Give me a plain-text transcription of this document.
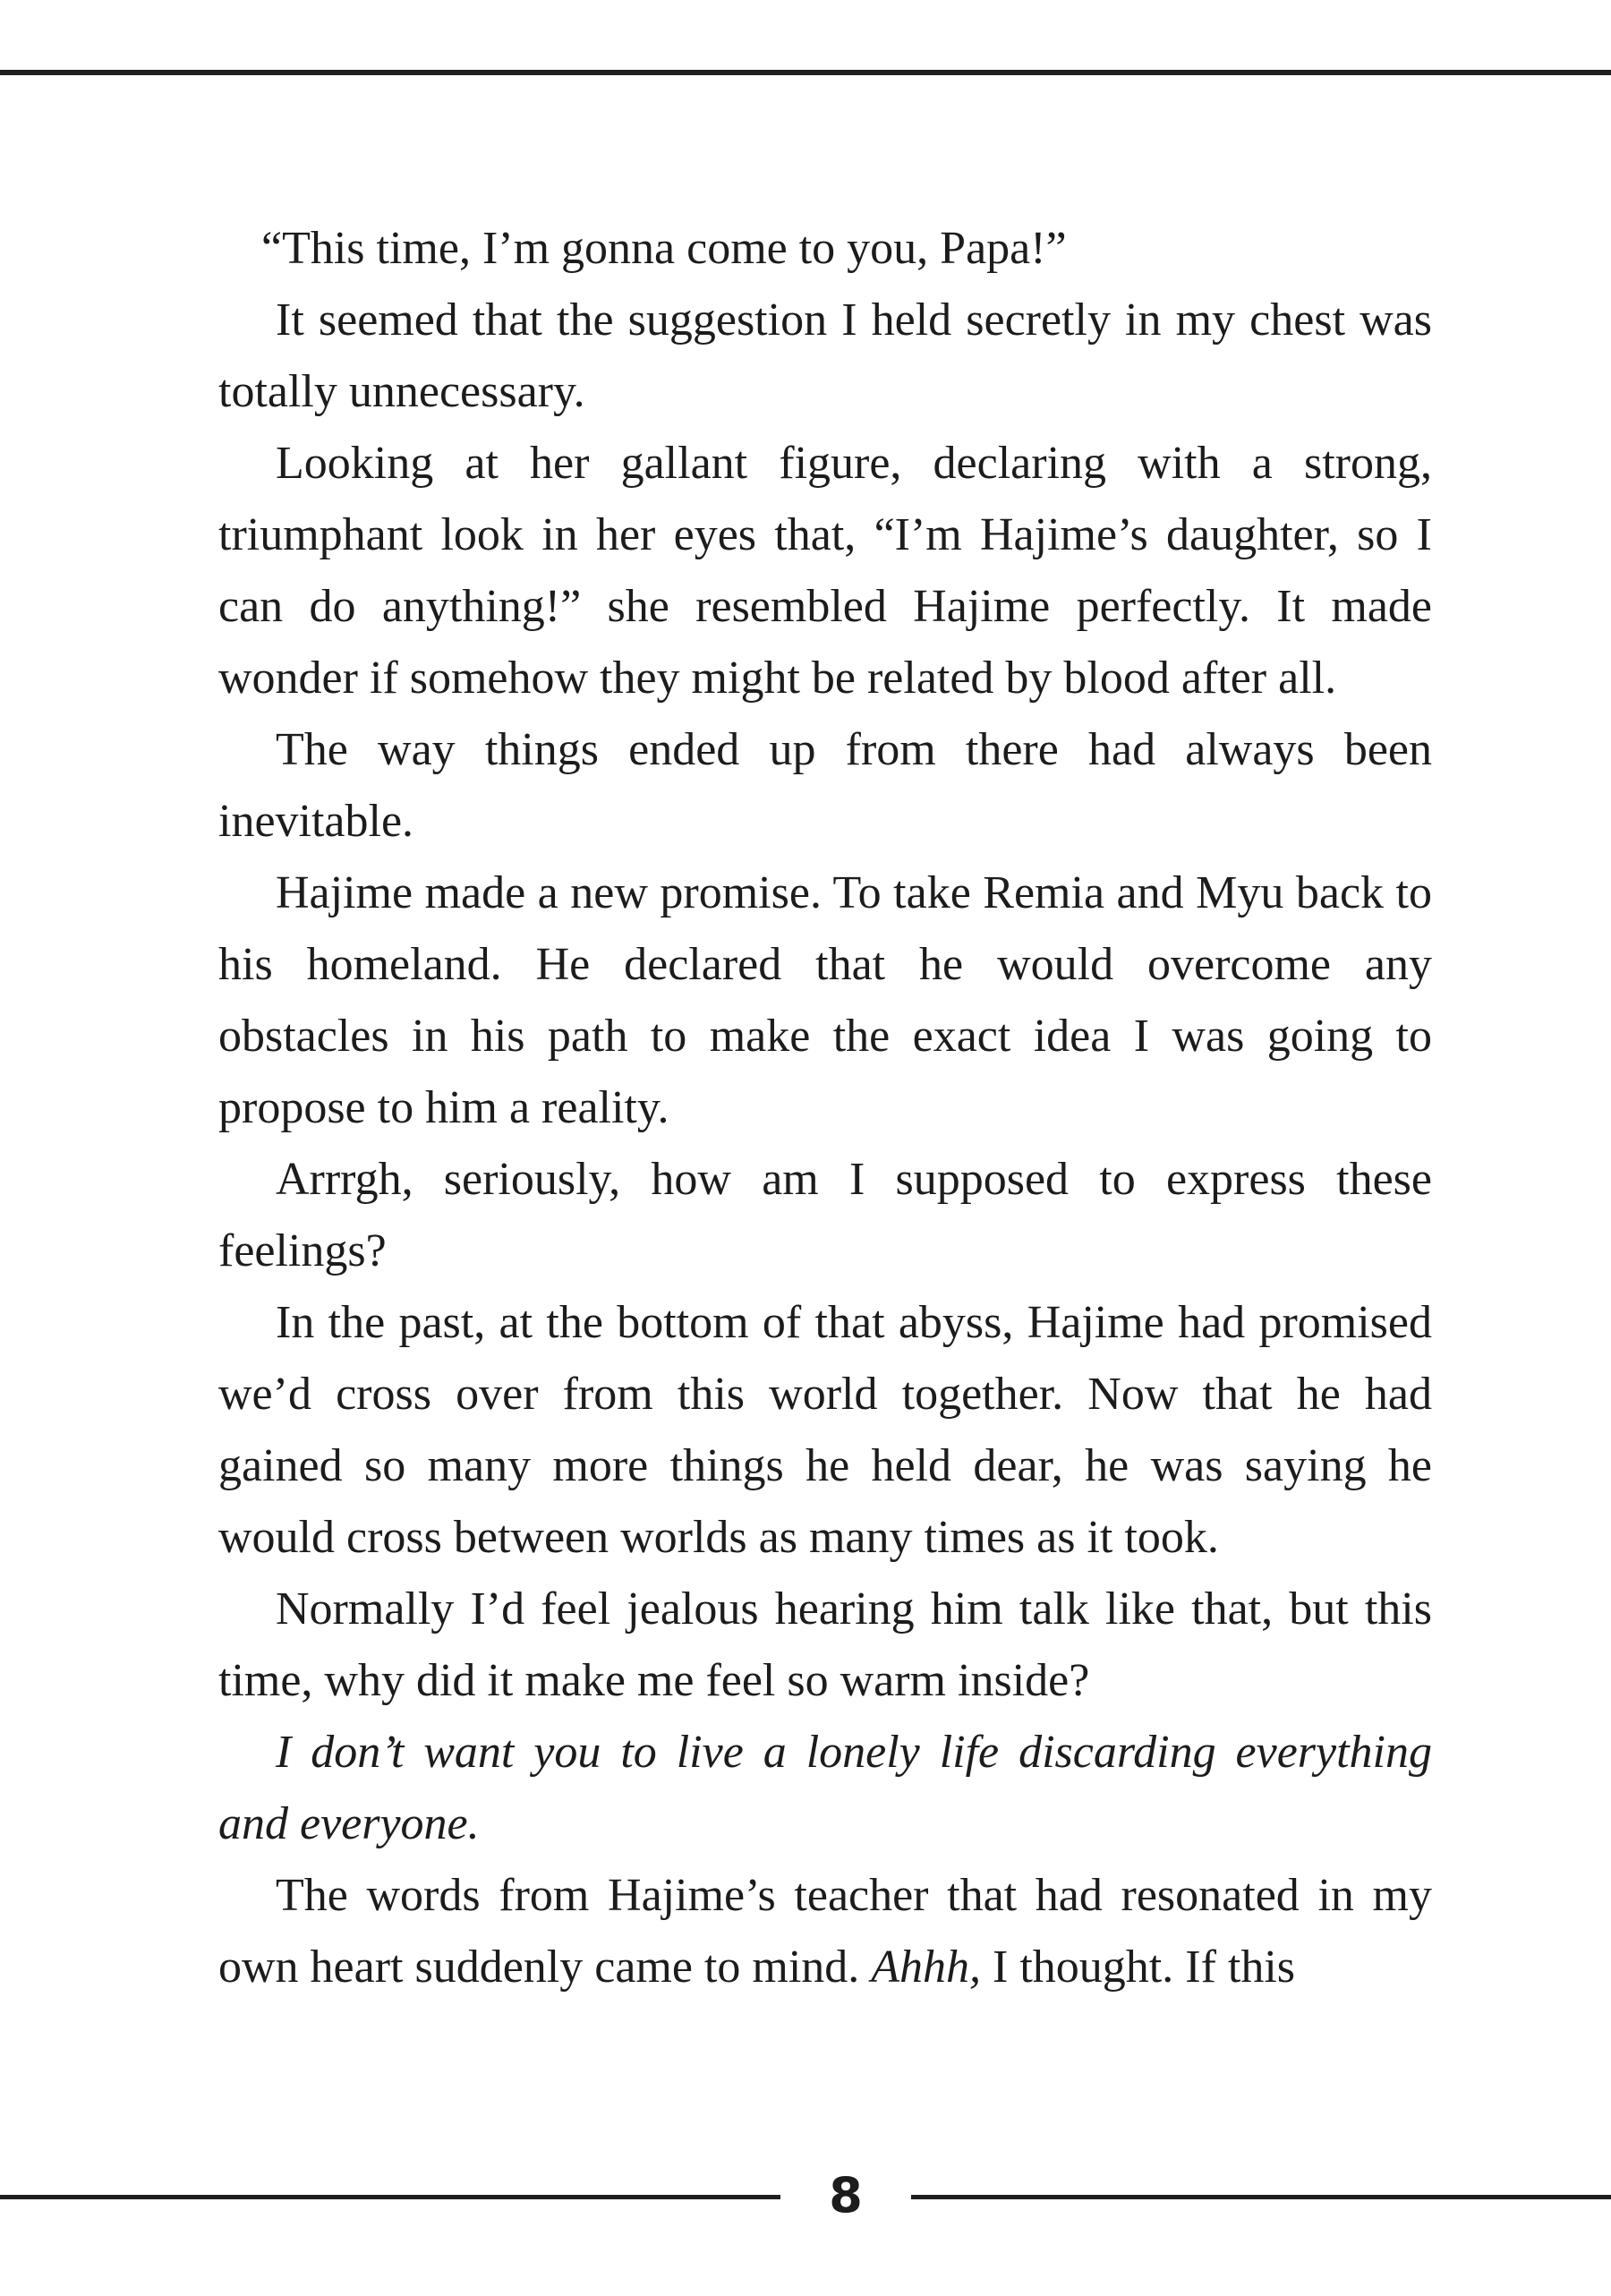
“This time, I’m gonna come to you, Papa!”

It seemed that the suggestion I held secretly in my chest was totally unnecessary.

Looking at her gallant figure, declaring with a strong, triumphant look in her eyes that, “I’m Hajime’s daughter, so I can do anything!” she resembled Hajime perfectly. It made wonder if somehow they might be related by blood after all.

The way things ended up from there had always been inevitable.

Hajime made a new promise. To take Remia and Myu back to his homeland. He declared that he would overcome any obstacles in his path to make the exact idea I was going to propose to him a reality.

Arrrgh, seriously, how am I supposed to express these feelings?

In the past, at the bottom of that abyss, Hajime had promised we’d cross over from this world together. Now that he had gained so many more things he held dear, he was saying he would cross between worlds as many times as it took.

Normally I’d feel jealous hearing him talk like that, but this time, why did it make me feel so warm inside?

I don’t want you to live a lonely life discarding everything and everyone.

The words from Hajime’s teacher that had resonated in my own heart suddenly came to mind. Ahhh, I thought. If this

8
